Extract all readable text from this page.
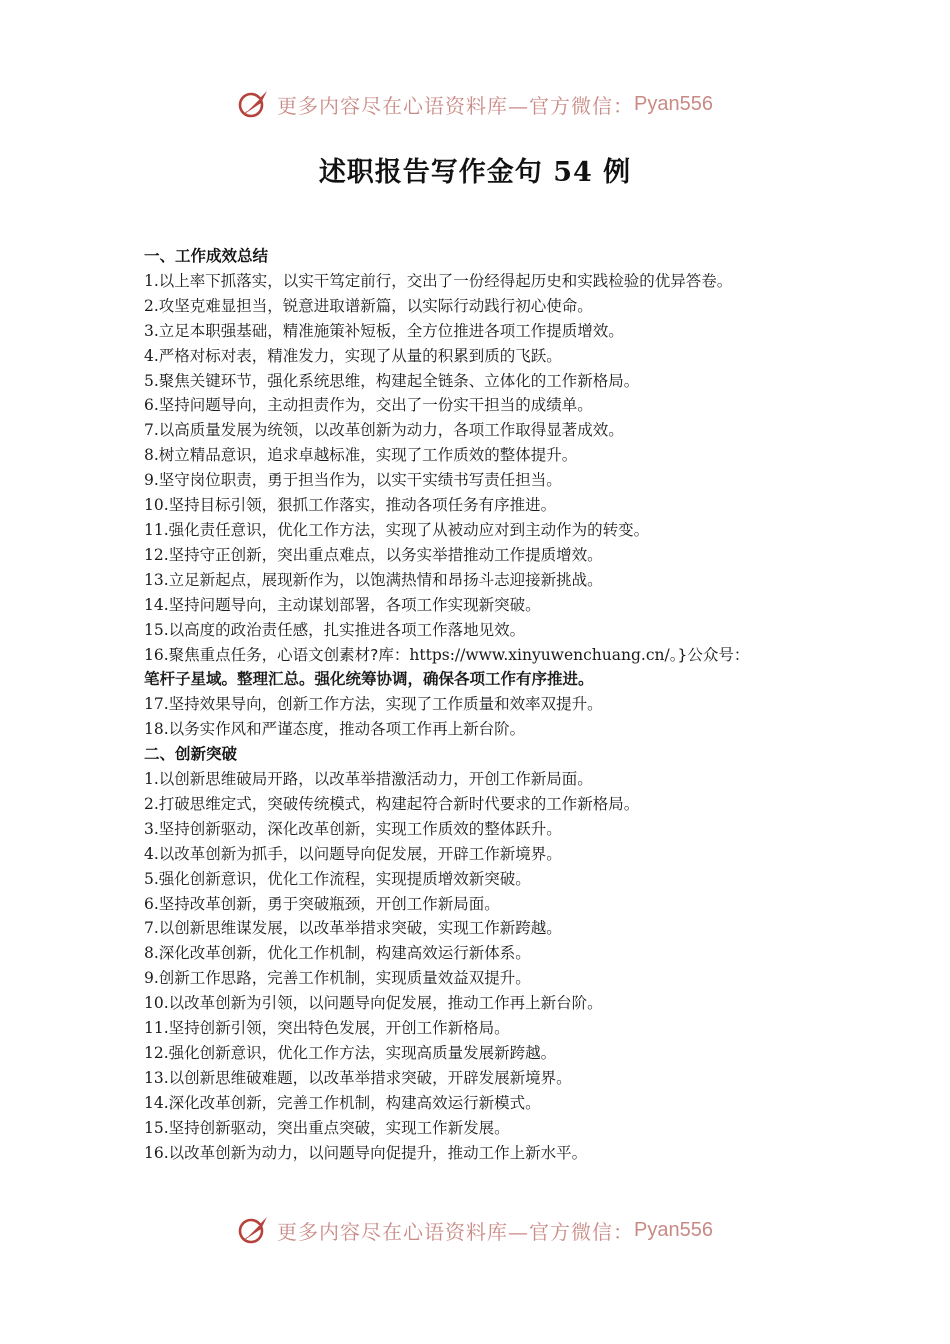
更多内容尽在心语资料库—官方微信： Pyan556
述职报告写作金句 54 例

一、工作成效总结

1.以上率下抓落实，以实干笃定前行，交出了一份经得起历史和实践检验的优异答卷。

2.攻坚克难显担当，锐意进取谱新篇，以实际行动践行初心使命。

3.立足本职强基础，精准施策补短板，全方位推进各项工作提质增效。

4.严格对标对表，精准发力，实现了从量的积累到质的飞跃。

5.聚焦关键环节，强化系统思维，构建起全链条、立体化的工作新格局。

6.坚持问题导向，主动担责作为，交出了一份实干担当的成绩单。

7.以高质量发展为统领，以改革创新为动力，各项工作取得显著成效。

8.树立精品意识，追求卓越标准，实现了工作质效的整体提升。

9.坚守岗位职责，勇于担当作为，以实干实绩书写责任担当。

10.坚持目标引领，狠抓工作落实，推动各项任务有序推进。

11.强化责任意识，优化工作方法，实现了从被动应对到主动作为的转变。

12.坚持守正创新，突出重点难点，以务实举措推动工作提质增效。

13.立足新起点，展现新作为，以饱满热情和昂扬斗志迎接新挑战。

14.坚持问题导向，主动谋划部署，各项工作实现新突破。

15.以高度的政治责任感，扎实推进各项工作落地见效。

16.聚焦重点任务，心语文创素材?库：https://www.xinyuwenchuang.cn/。}公众号：

笔杆子星域。整理汇总。强化统筹协调，确保各项工作有序推进。

17.坚持效果导向，创新工作方法，实现了工作质量和效率双提升。

18.以务实作风和严谨态度，推动各项工作再上新台阶。

二、创新突破

1.以创新思维破局开路，以改革举措激活动力，开创工作新局面。

2.打破思维定式，突破传统模式，构建起符合新时代要求的工作新格局。

3.坚持创新驱动，深化改革创新，实现工作质效的整体跃升。

4.以改革创新为抓手，以问题导向促发展，开辟工作新境界。

5.强化创新意识，优化工作流程，实现提质增效新突破。

6.坚持改革创新，勇于突破瓶颈，开创工作新局面。

7.以创新思维谋发展，以改革举措求突破，实现工作新跨越。

8.深化改革创新，优化工作机制，构建高效运行新体系。

9.创新工作思路，完善工作机制，实现质量效益双提升。

10.以改革创新为引领，以问题导向促发展，推动工作再上新台阶。

11.坚持创新引领，突出特色发展，开创工作新格局。

12.强化创新意识，优化工作方法，实现高质量发展新跨越。

13.以创新思维破难题，以改革举措求突破，开辟发展新境界。

14.深化改革创新，完善工作机制，构建高效运行新模式。

15.坚持创新驱动，突出重点突破，实现工作新发展。

16.以改革创新为动力，以问题导向促提升，推动工作上新水平。

更多内容尽在心语资料库—官方微信： Pyan556
